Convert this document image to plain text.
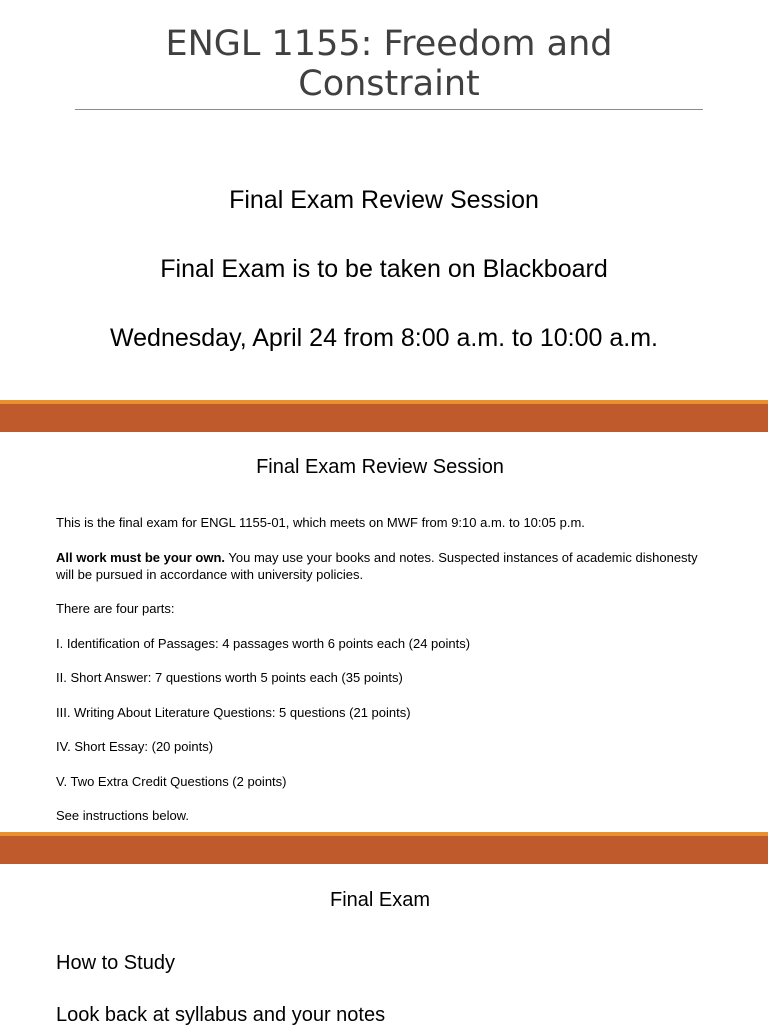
ENGL 1155: Freedom and Constraint

Final Exam Review Session

Final Exam is to be taken on Blackboard

Wednesday, April 24 from 8:00 a.m. to 10:00 a.m.

Final Exam Review Session

This is the final exam for ENGL 1155-01, which meets on MWF from 9:10 a.m. to 10:05 p.m.

All work must be your own. You may use your books and notes. Suspected instances of academic dishonesty will be pursued in accordance with university policies.

There are four parts:

I. Identification of Passages: 4 passages worth 6 points each (24 points)

II. Short Answer: 7 questions worth 5 points each (35 points)

III. Writing About Literature Questions: 5 questions (21 points)

IV. Short Essay: (20 points)

V. Two Extra Credit Questions (2 points)

See instructions below.

Final Exam

How to Study

Look back at syllabus and your notes
